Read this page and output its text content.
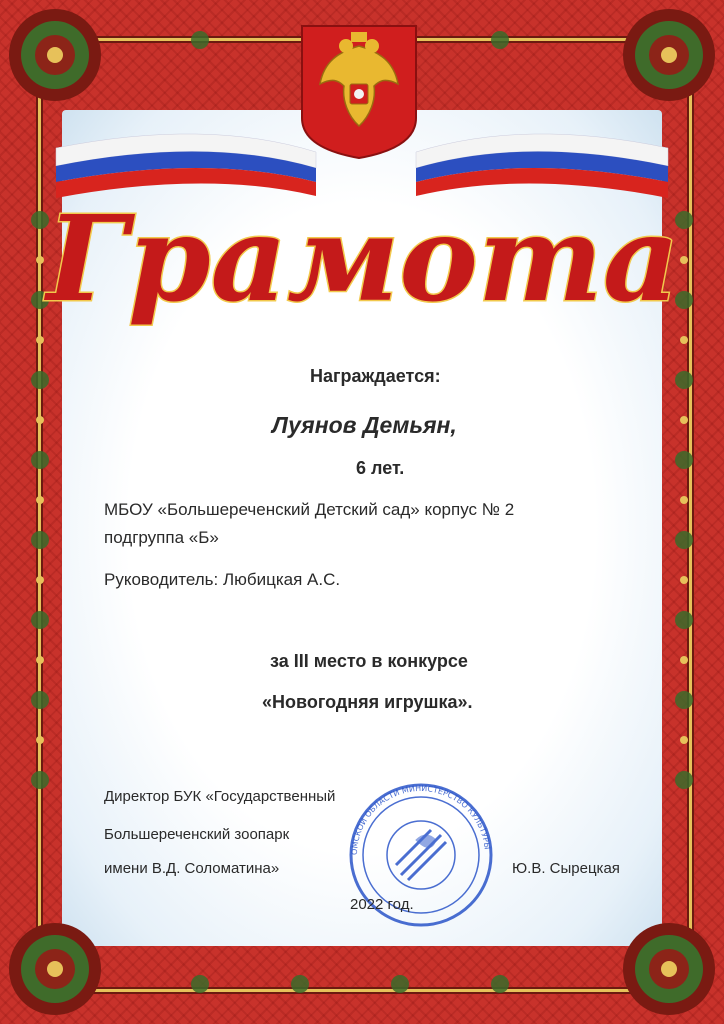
Грамота
Награждается:
Луянов Демьян,
6 лет.
МБОУ «Большереченский Детский сад» корпус № 2
подгруппа «Б»
Руководитель: Любицкая А.С.
за III место в конкурсе
«Новогодняя игрушка».
Директор БУК «Государственный
Большереченский зоопарк
имени В.Д. Соломатина»	Ю.В. Сырецкая
ОМСКОЙ ОБЛАСТИ МИНИСТЕРСТВО КУЛЬТУРЫ
2022 год.
